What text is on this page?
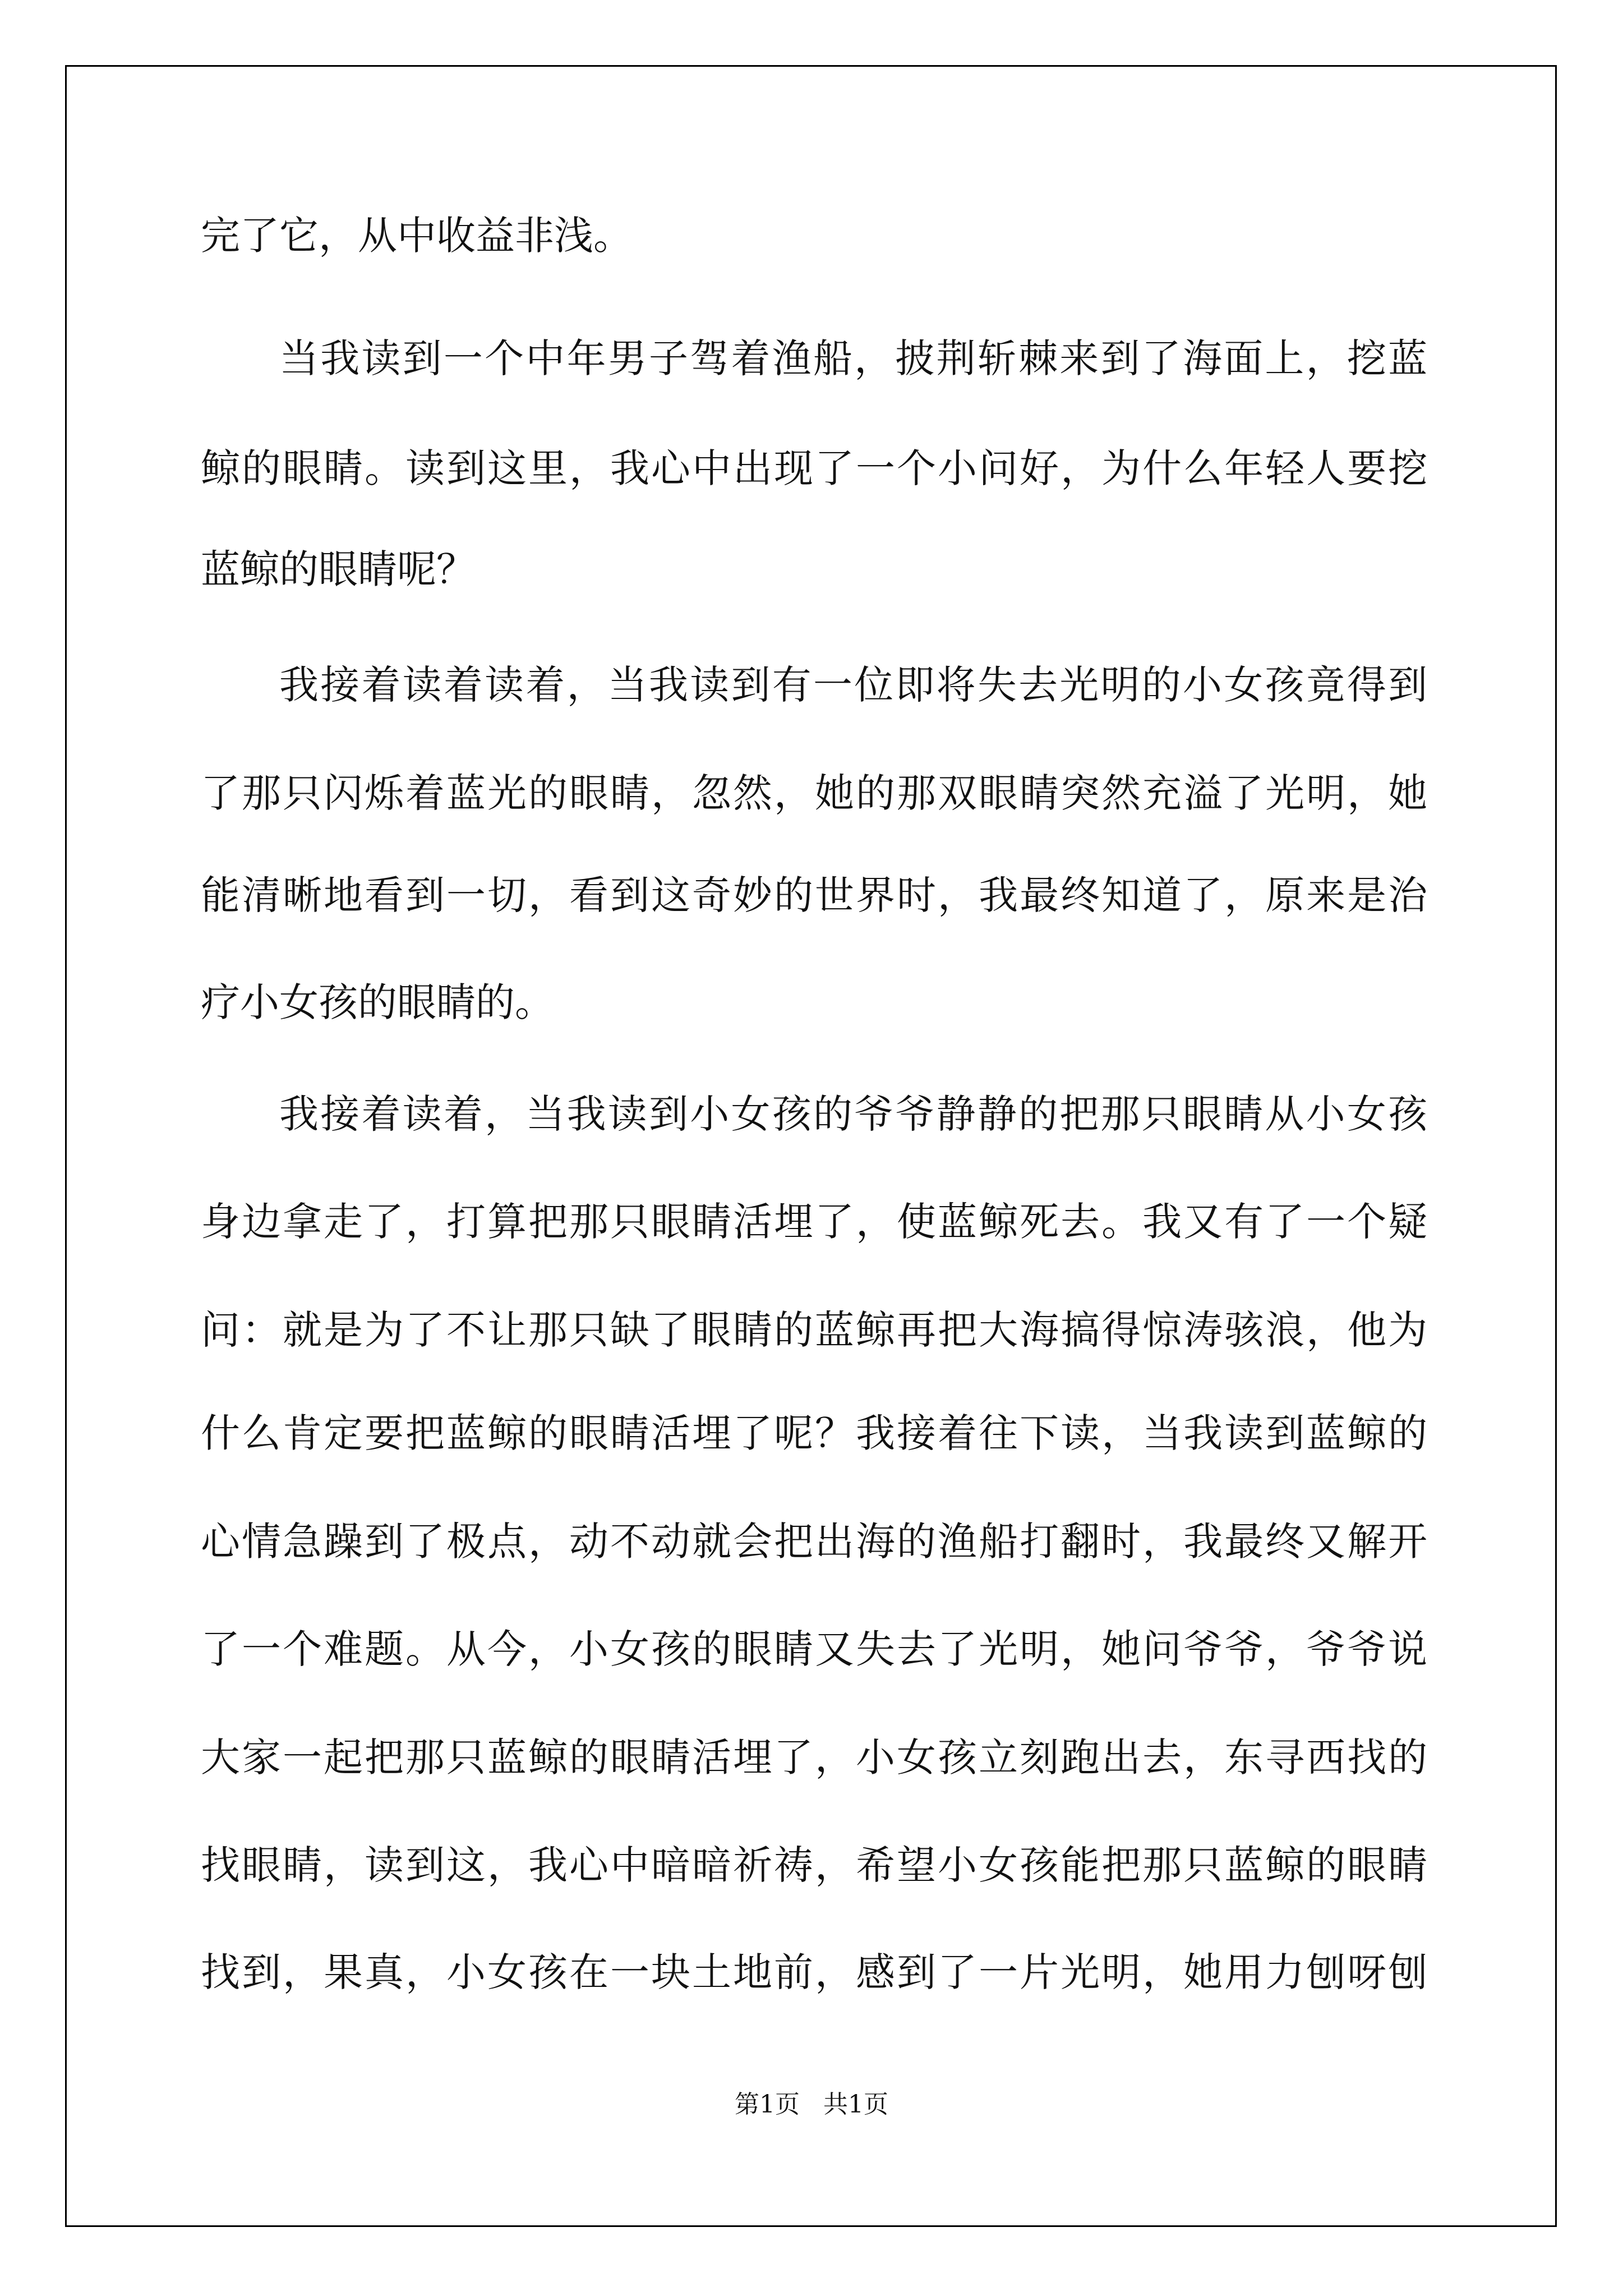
完了它，从中收益非浅。
当我读到一个中年男子驾着渔船，披荆斩棘来到了海面上，挖蓝
鲸的眼睛。读到这里，我心中出现了一个小问好，为什么年轻人要挖
蓝鲸的眼睛呢？
我接着读着读着，当我读到有一位即将失去光明的小女孩竟得到
了那只闪烁着蓝光的眼睛，忽然，她的那双眼睛突然充溢了光明，她
能清晰地看到一切，看到这奇妙的世界时，我最终知道了，原来是治
疗小女孩的眼睛的。
我接着读着，当我读到小女孩的爷爷静静的把那只眼睛从小女孩
身边拿走了，打算把那只眼睛活埋了，使蓝鲸死去。我又有了一个疑
问：就是为了不让那只缺了眼睛的蓝鲸再把大海搞得惊涛骇浪，他为
什么肯定要把蓝鲸的眼睛活埋了呢？我接着往下读，当我读到蓝鲸的
心情急躁到了极点，动不动就会把出海的渔船打翻时，我最终又解开
了一个难题。从今，小女孩的眼睛又失去了光明，她问爷爷，爷爷说
大家一起把那只蓝鲸的眼睛活埋了，小女孩立刻跑出去，东寻西找的
找眼睛，读到这，我心中暗暗祈祷，希望小女孩能把那只蓝鲸的眼睛
找到，果真，小女孩在一块土地前，感到了一片光明，她用力刨呀刨
第1页   共1页
